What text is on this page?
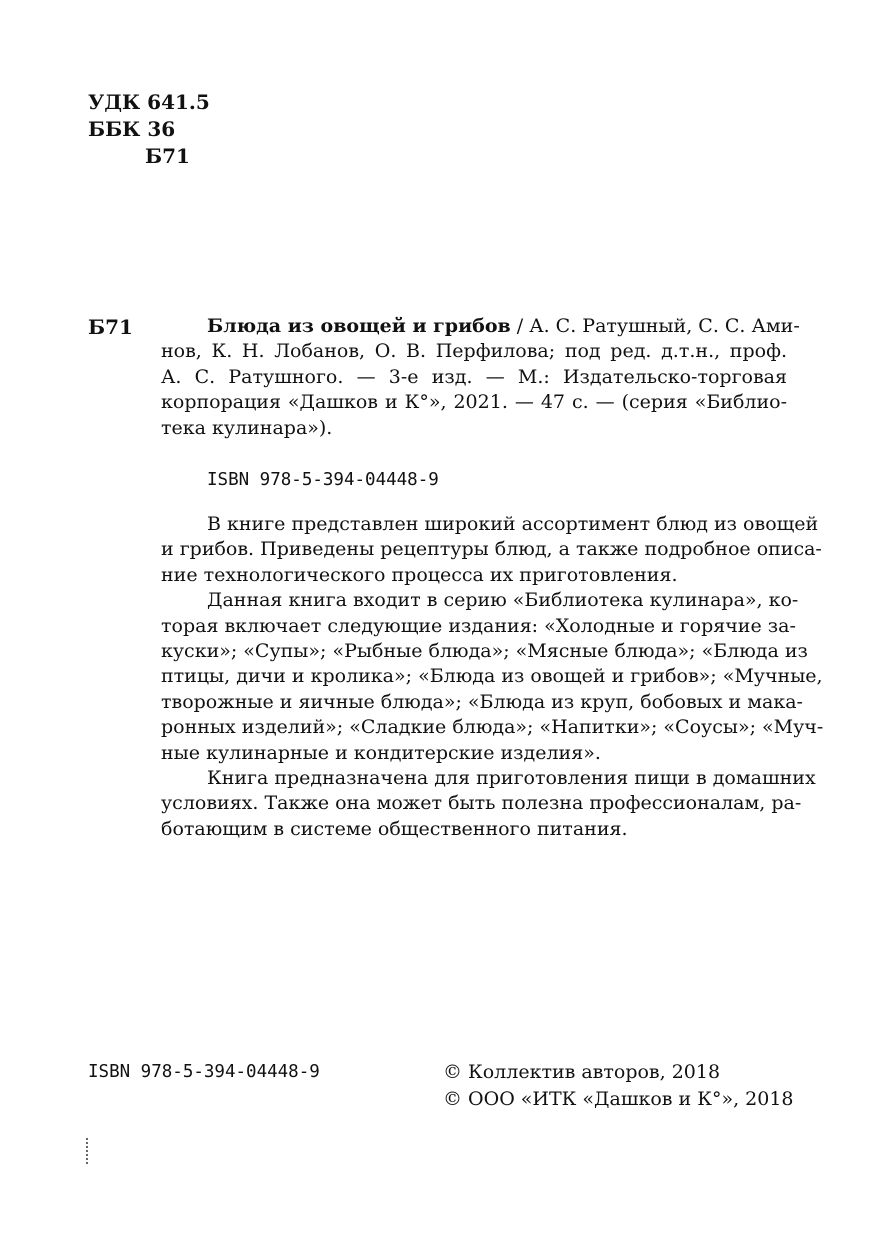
УДК 641.5
ББК 36
Б71
Б71	Блюда из овощей и грибов / А. С. Ратушный, С. С. Ами-
нов, К. Н. Лобанов, О. В. Перфилова; под ред. д.т.н., проф.
А. С. Ратушного. — 3-е изд. — М.: Издательско-торговая
корпорация «Дашков и К°», 2021. — 47 с. — (серия «Библио-
тека кулинара»).
ISBN 978-5-394-04448-9
В книге представлен широкий ассортимент блюд из овощей
и грибов. Приведены рецептуры блюд, а также подробное описа-
ние технологического процесса их приготовления.
Данная книга входит в серию «Библиотека кулинара», ко-
торая включает следующие издания: «Холодные и горячие за-
куски»; «Супы»; «Рыбные блюда»; «Мясные блюда»; «Блюда из
птицы, дичи и кролика»; «Блюда из овощей и грибов»; «Мучные,
творожные и яичные блюда»; «Блюда из круп, бобовых и мака-
ронных изделий»; «Сладкие блюда»; «Напитки»; «Соусы»; «Муч-
ные кулинарные и кондитерские изделия».
Книга предназначена для приготовления пищи в домашних
условиях. Также она может быть полезна профессионалам, ра-
ботающим в системе общественного питания.
ISBN 978-5-394-04448-9	© Коллектив авторов, 2018
© ООО «ИТК «Дашков и К°», 2018
